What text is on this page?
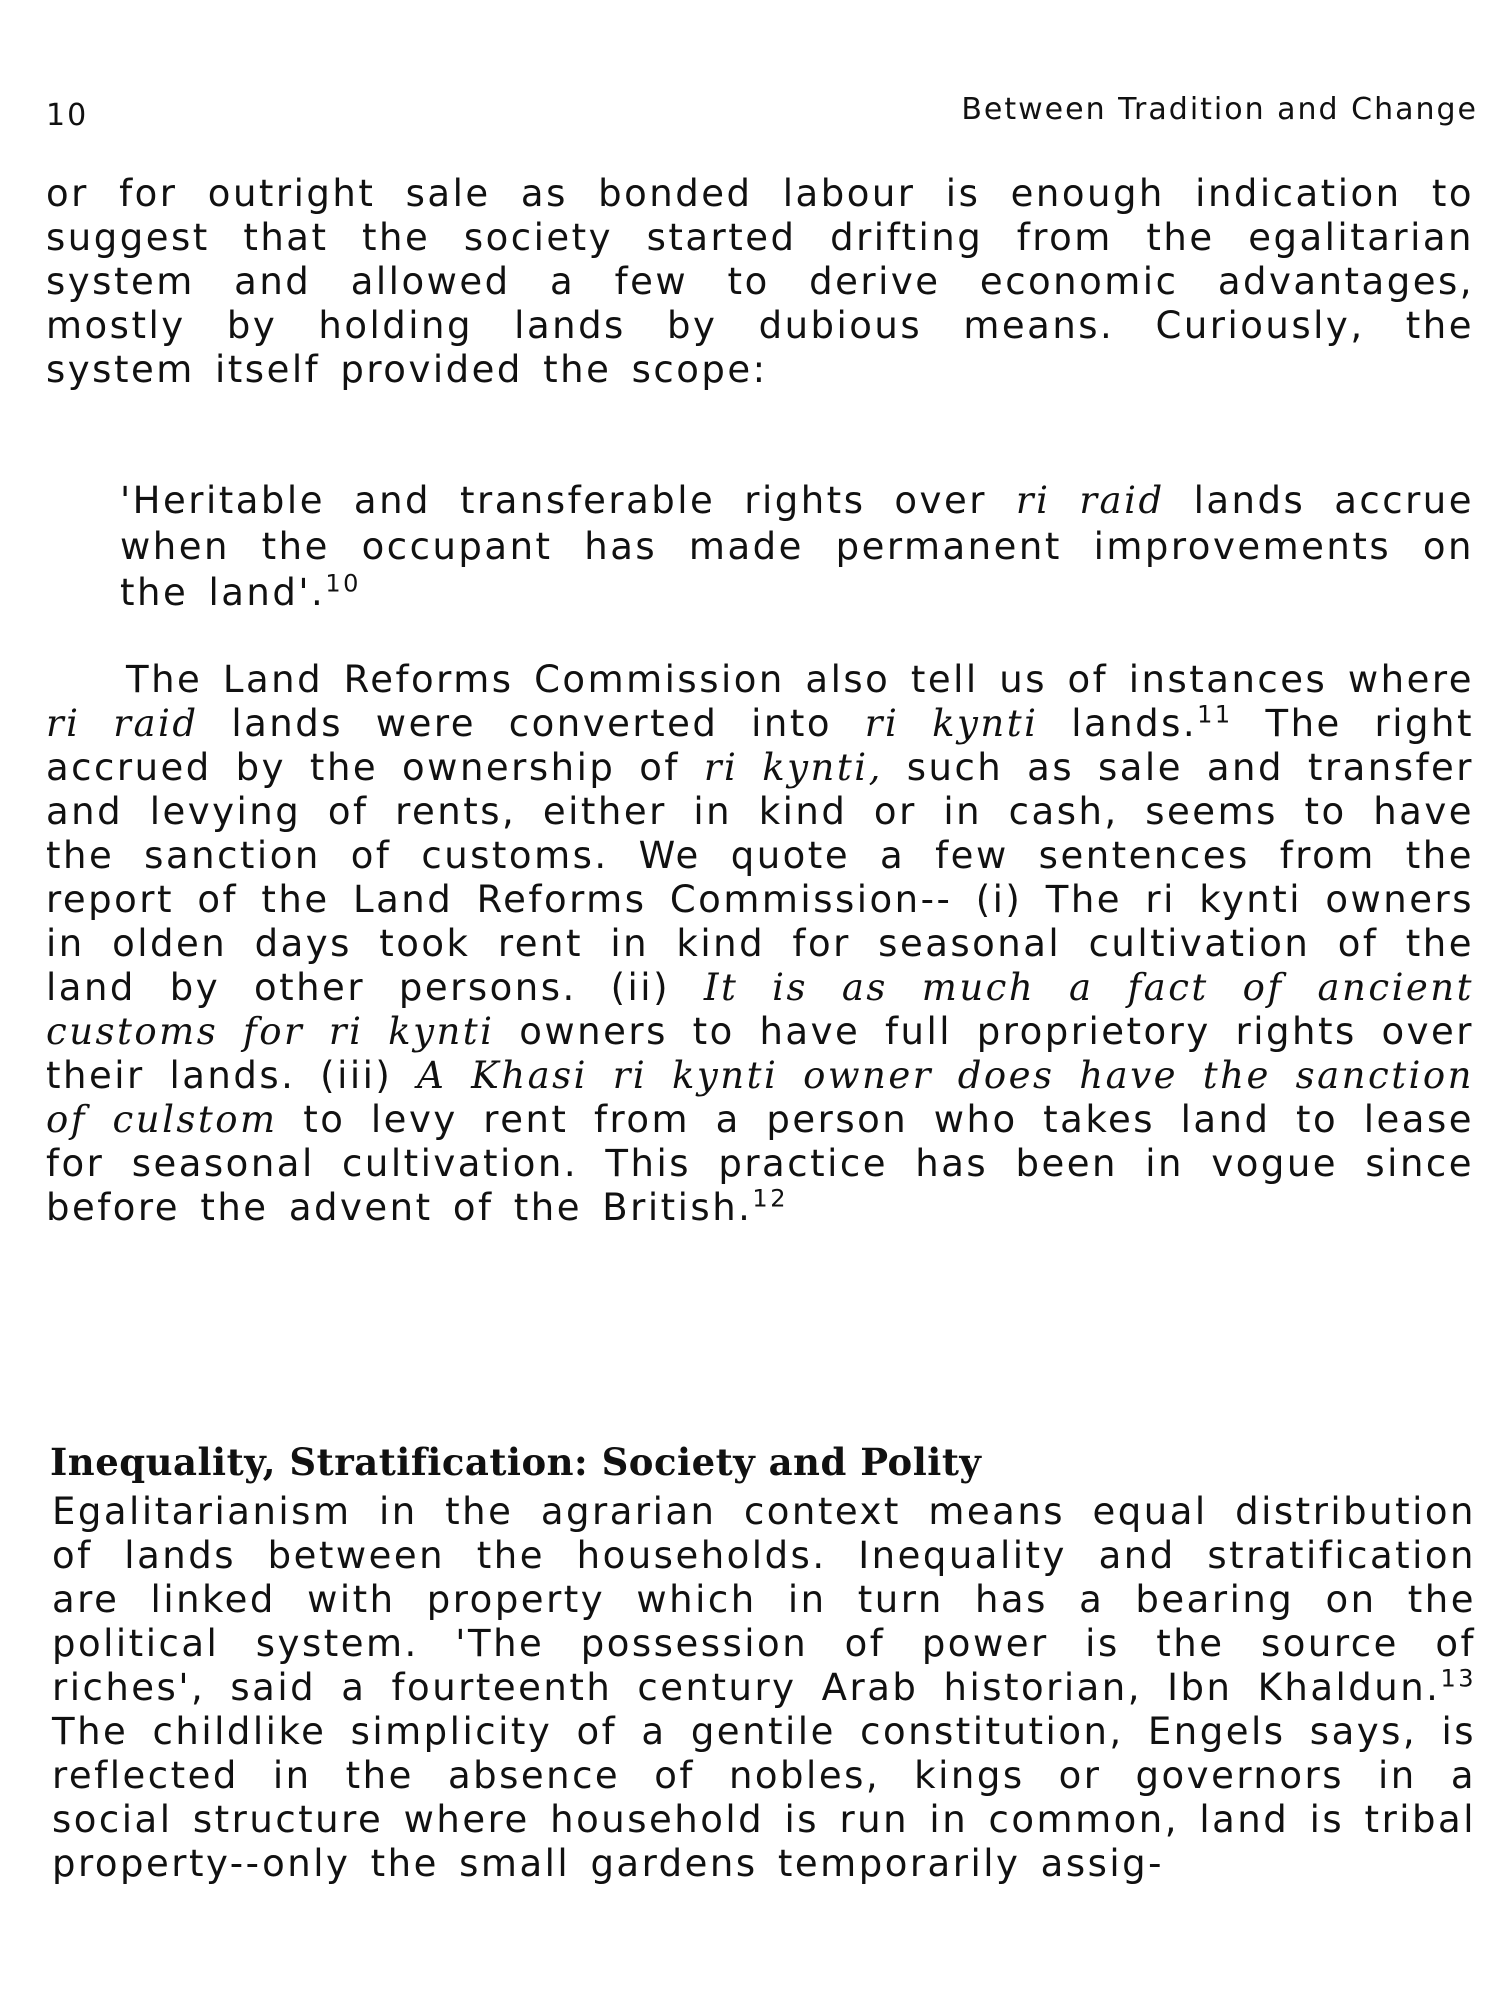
10	Between Tradition and Change

or for outright sale as bonded labour is enough indication to suggest that the society started drifting from the egalitarian system and allowed a few to derive economic advantages, mostly by holding lands by dubious means. Curiously, the system itself provided the scope:

'Heritable and transferable rights over ri raid lands accrue when the occupant has made permanent improvements on the land'.$^{10}$

The Land Reforms Commission also tell us of instances where ri raid lands were converted into ri kynti lands.$^{11}$ The right accrued by the ownership of ri kynti, such as sale and transfer and levying of rents, either in kind or in cash, seems to have the sanction of customs. We quote a few sentences from the report of the Land Reforms Commission-- (i) The ri kynti owners in olden days took rent in kind for seasonal cultivation of the land by other persons. (ii) It is as much a fact of ancient customs for ri kynti owners to have full proprietory rights over their lands. (iii) A Khasi ri kynti owner does have the sanction of culstom to levy rent from a person who takes land to lease for seasonal cultivation. This practice has been in vogue since before the advent of the British.$^{12}$

Inequality, Stratification: Society and Polity

Egalitarianism in the agrarian context means equal distribution of lands between the households. Inequality and stratification are linked with property which in turn has a bearing on the political system. 'The possession of power is the source of riches', said a fourteenth century Arab historian, Ibn Khaldun.$^{13}$ The childlike simplicity of a gentile constitution, Engels says, is reflected in the absence of nobles, kings or governors in a social structure where household is run in common, land is tribal property--only the small gardens temporarily assig-
